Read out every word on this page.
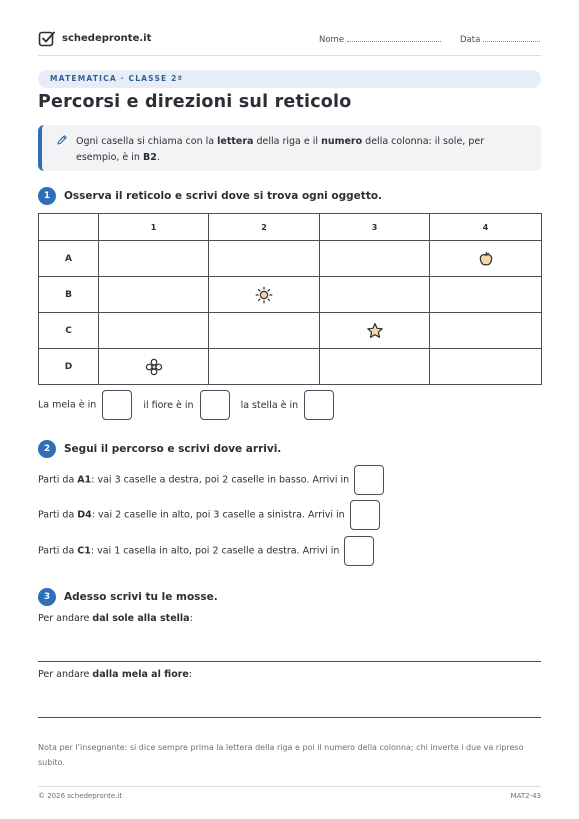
schedepronte.it	Nome	Data
MATEMATICA · CLASSE 2ª
Percorsi e direzioni sul reticolo
Ogni casella si chiama con la lettera della riga e il numero della colonna: il sole, per esempio, è in B2.
1	Osserva il reticolo e scrivi dove si trova ogni oggetto.
	1	2	3	4
A				
B				
C				
D				
La mela è in	il fiore è in	la stella è in
2	Segui il percorso e scrivi dove arrivi.
Parti da A1: vai 3 caselle a destra, poi 2 caselle in basso. Arrivi in
Parti da D4: vai 2 caselle in alto, poi 3 caselle a sinistra. Arrivi in
Parti da C1: vai 1 casella in alto, poi 2 caselle a destra. Arrivi in
3	Adesso scrivi tu le mosse.
Per andare dal sole alla stella:
Per andare dalla mela al fiore:
Nota per l’insegnante: si dice sempre prima la lettera della riga e poi il numero della colonna; chi inverte i due va ripreso subito.
© 2026 schedepronte.it	MAT2-43
